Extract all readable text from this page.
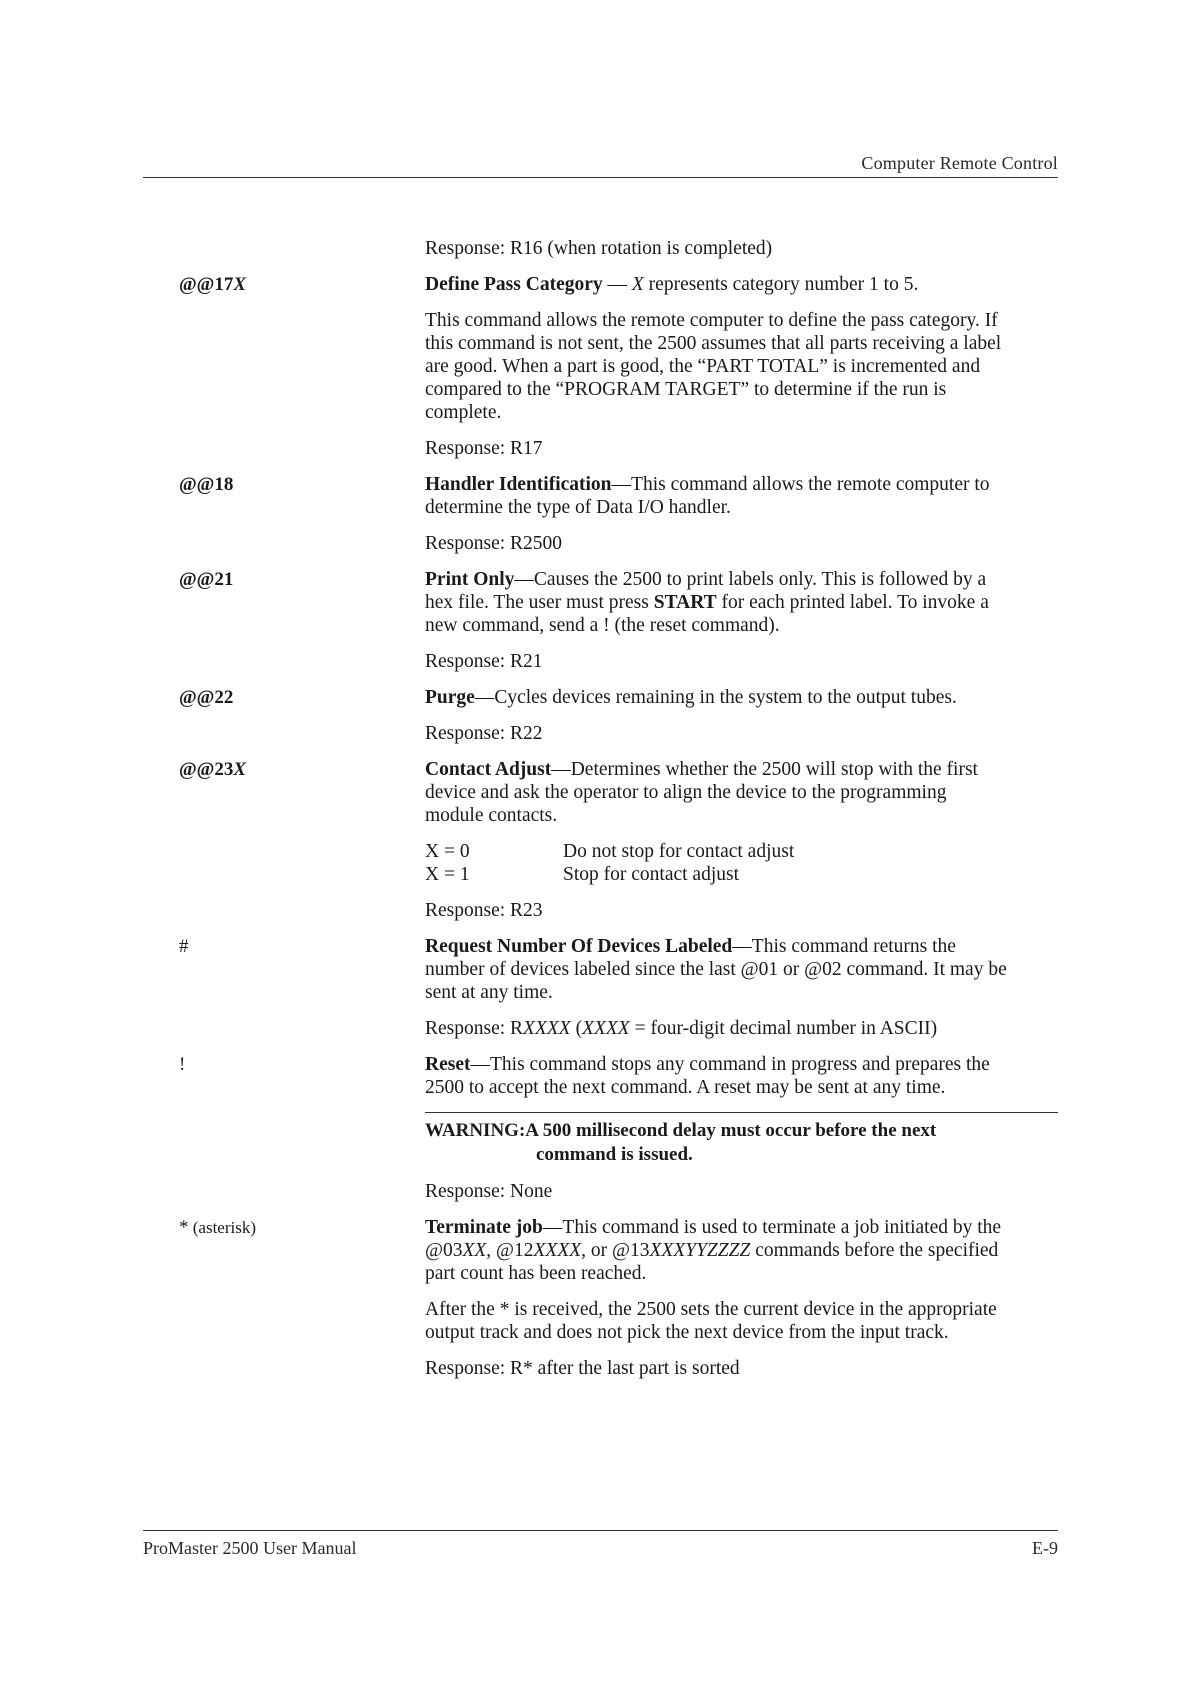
Computer Remote Control
Response: R16 (when rotation is completed)
@@17X	Define Pass Category — X represents category number 1 to 5.
This command allows the remote computer to define the pass category. If
this command is not sent, the 2500 assumes that all parts receiving a label
are good. When a part is good, the “PART TOTAL” is incremented and
compared to the “PROGRAM TARGET” to determine if the run is
complete.
Response: R17
@@18	Handler Identification—This command allows the remote computer to
determine the type of Data I/O handler.
Response: R2500
@@21	Print Only—Causes the 2500 to print labels only. This is followed by a
hex file. The user must press START for each printed label. To invoke a
new command, send a ! (the reset command).
Response: R21
@@22	Purge—Cycles devices remaining in the system to the output tubes.
Response: R22
@@23X	Contact Adjust—Determines whether the 2500 will stop with the first
device and ask the operator to align the device to the programming
module contacts.
X = 0	Do not stop for contact adjust
X = 1	Stop for contact adjust
Response: R23
#	Request Number Of Devices Labeled—This command returns the
number of devices labeled since the last @01 or @02 command. It may be
sent at any time.
Response: RXXXX (XXXX = four-digit decimal number in ASCII)
!	Reset—This command stops any command in progress and prepares the
2500 to accept the next command. A reset may be sent at any time.
WARNING:A 500 millisecond delay must occur before the next
command is issued.
Response: None
* (asterisk)	Terminate job—This command is used to terminate a job initiated by the
@03XX, @12XXXX, or @13XXXYYZZZZ commands before the specified
part count has been reached.
After the * is received, the 2500 sets the current device in the appropriate
output track and does not pick the next device from the input track.
Response: R* after the last part is sorted
ProMaster 2500 User Manual	E-9
